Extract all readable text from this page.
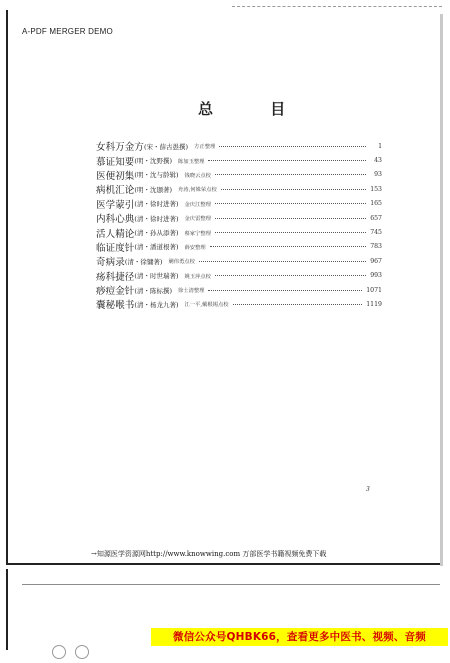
A-PDF MERGER DEMO
总 目
女科万金方 (宋・薛古愚撰) 方正整理	1
慕证知要 (明・沈野撰) 陈加玉整理	43
医便初集 (明・沈与龄辑) 钱晓云点校	93
病机汇论 (明・沈颋著) 舟涛,何姝荣点校	153
医学蒙引 (清・徐时进著) 金庆江整理	165
内科心典 (清・徐时进著) 金庆雷整理	657
活人精论 (清・孙从添著) 蔡家宁整理	745
临证度针 (清・潘道根著) 薛安整理	783
奇病录 (清・徐镛著) 剿伟勇点校	967
疡科捷径 (清・时世瑞著) 姚玉萍点校	993
痧痘金针 (清・陈标撰) 徐士清整理	1071
囊秘喉书 (清・杨龙九著) 江一平,戴根锡点校	1119
3
→知源医学资源网http://www.knowwing.com 万部医学书籍视频免费下载

微信公众号QHBK66，查看更多中医书、视频、音频
